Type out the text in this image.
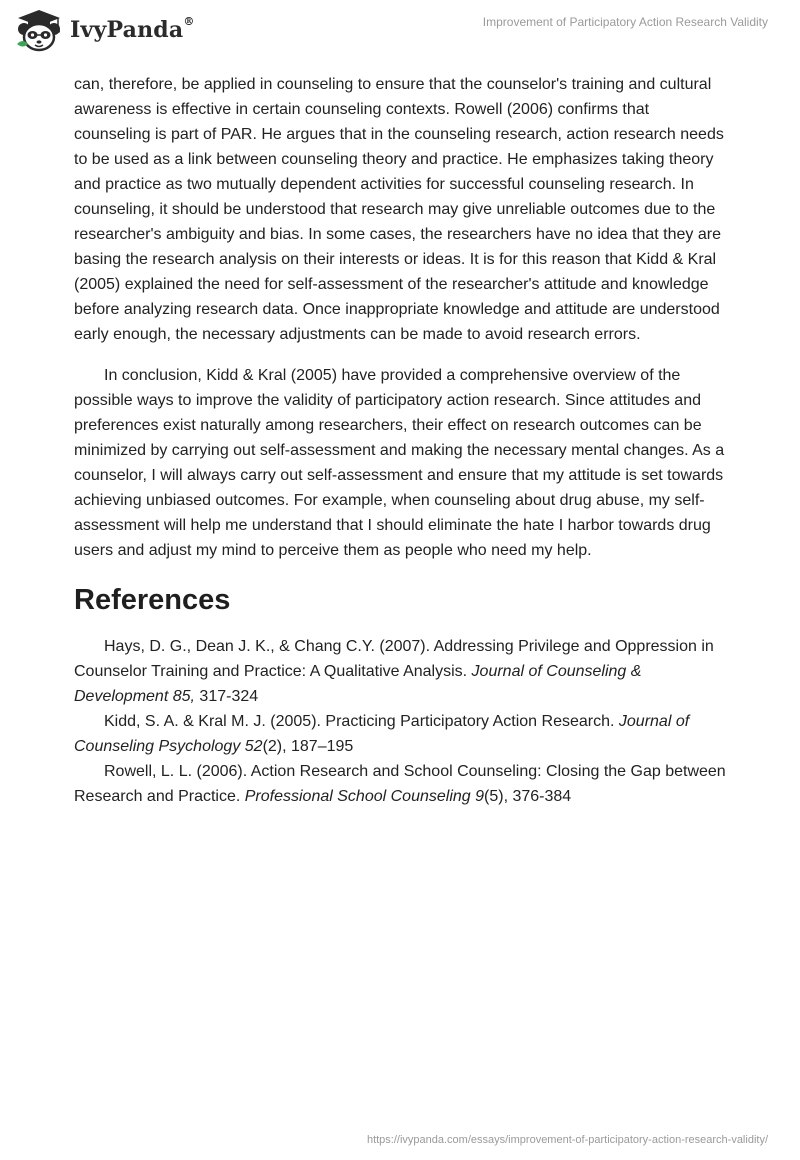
IvyPanda®	Improvement of Participatory Action Research Validity

can, therefore, be applied in counseling to ensure that the counselor's training and cultural awareness is effective in certain counseling contexts. Rowell (2006) confirms that counseling is part of PAR. He argues that in the counseling research, action research needs to be used as a link between counseling theory and practice. He emphasizes taking theory and practice as two mutually dependent activities for successful counseling research. In counseling, it should be understood that research may give unreliable outcomes due to the researcher's ambiguity and bias. In some cases, the researchers have no idea that they are basing the research analysis on their interests or ideas. It is for this reason that Kidd & Kral (2005) explained the need for self-assessment of the researcher's attitude and knowledge before analyzing research data. Once inappropriate knowledge and attitude are understood early enough, the necessary adjustments can be made to avoid research errors.

In conclusion, Kidd & Kral (2005) have provided a comprehensive overview of the possible ways to improve the validity of participatory action research. Since attitudes and preferences exist naturally among researchers, their effect on research outcomes can be minimized by carrying out self-assessment and making the necessary mental changes. As a counselor, I will always carry out self-assessment and ensure that my attitude is set towards achieving unbiased outcomes. For example, when counseling about drug abuse, my self-assessment will help me understand that I should eliminate the hate I harbor towards drug users and adjust my mind to perceive them as people who need my help.

References

Hays, D. G., Dean J. K., & Chang C.Y. (2007). Addressing Privilege and Oppression in Counselor Training and Practice: A Qualitative Analysis. Journal of Counseling & Development 85, 317-324

Kidd, S. A. & Kral M. J. (2005). Practicing Participatory Action Research. Journal of Counseling Psychology 52(2), 187–195

Rowell, L. L. (2006). Action Research and School Counseling: Closing the Gap between Research and Practice. Professional School Counseling 9(5), 376-384

https://ivypanda.com/essays/improvement-of-participatory-action-research-validity/
